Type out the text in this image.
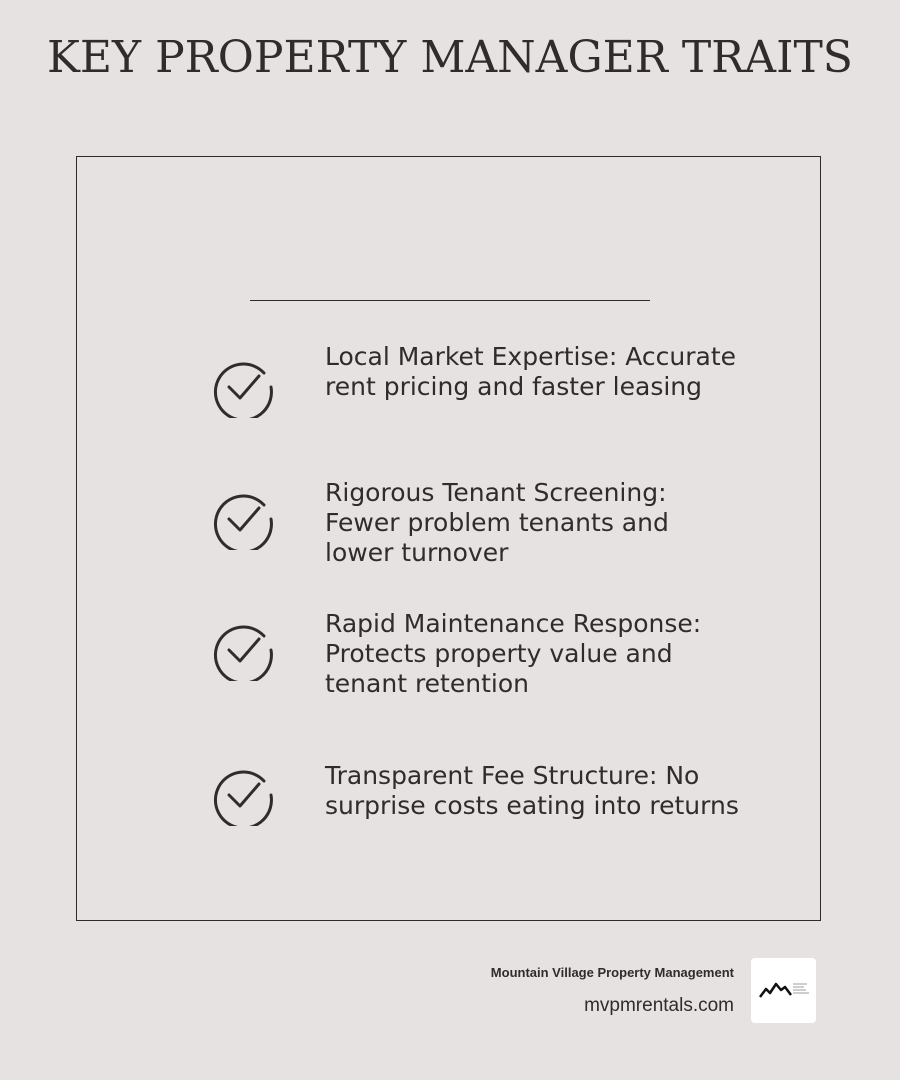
KEY PROPERTY MANAGER TRAITS
Local Market Expertise: Accurate rent pricing and faster leasing
Rigorous Tenant Screening: Fewer problem tenants and lower turnover
Rapid Maintenance Response: Protects property value and tenant retention
Transparent Fee Structure: No surprise costs eating into returns
Mountain Village Property Management
mvpmrentals.com
